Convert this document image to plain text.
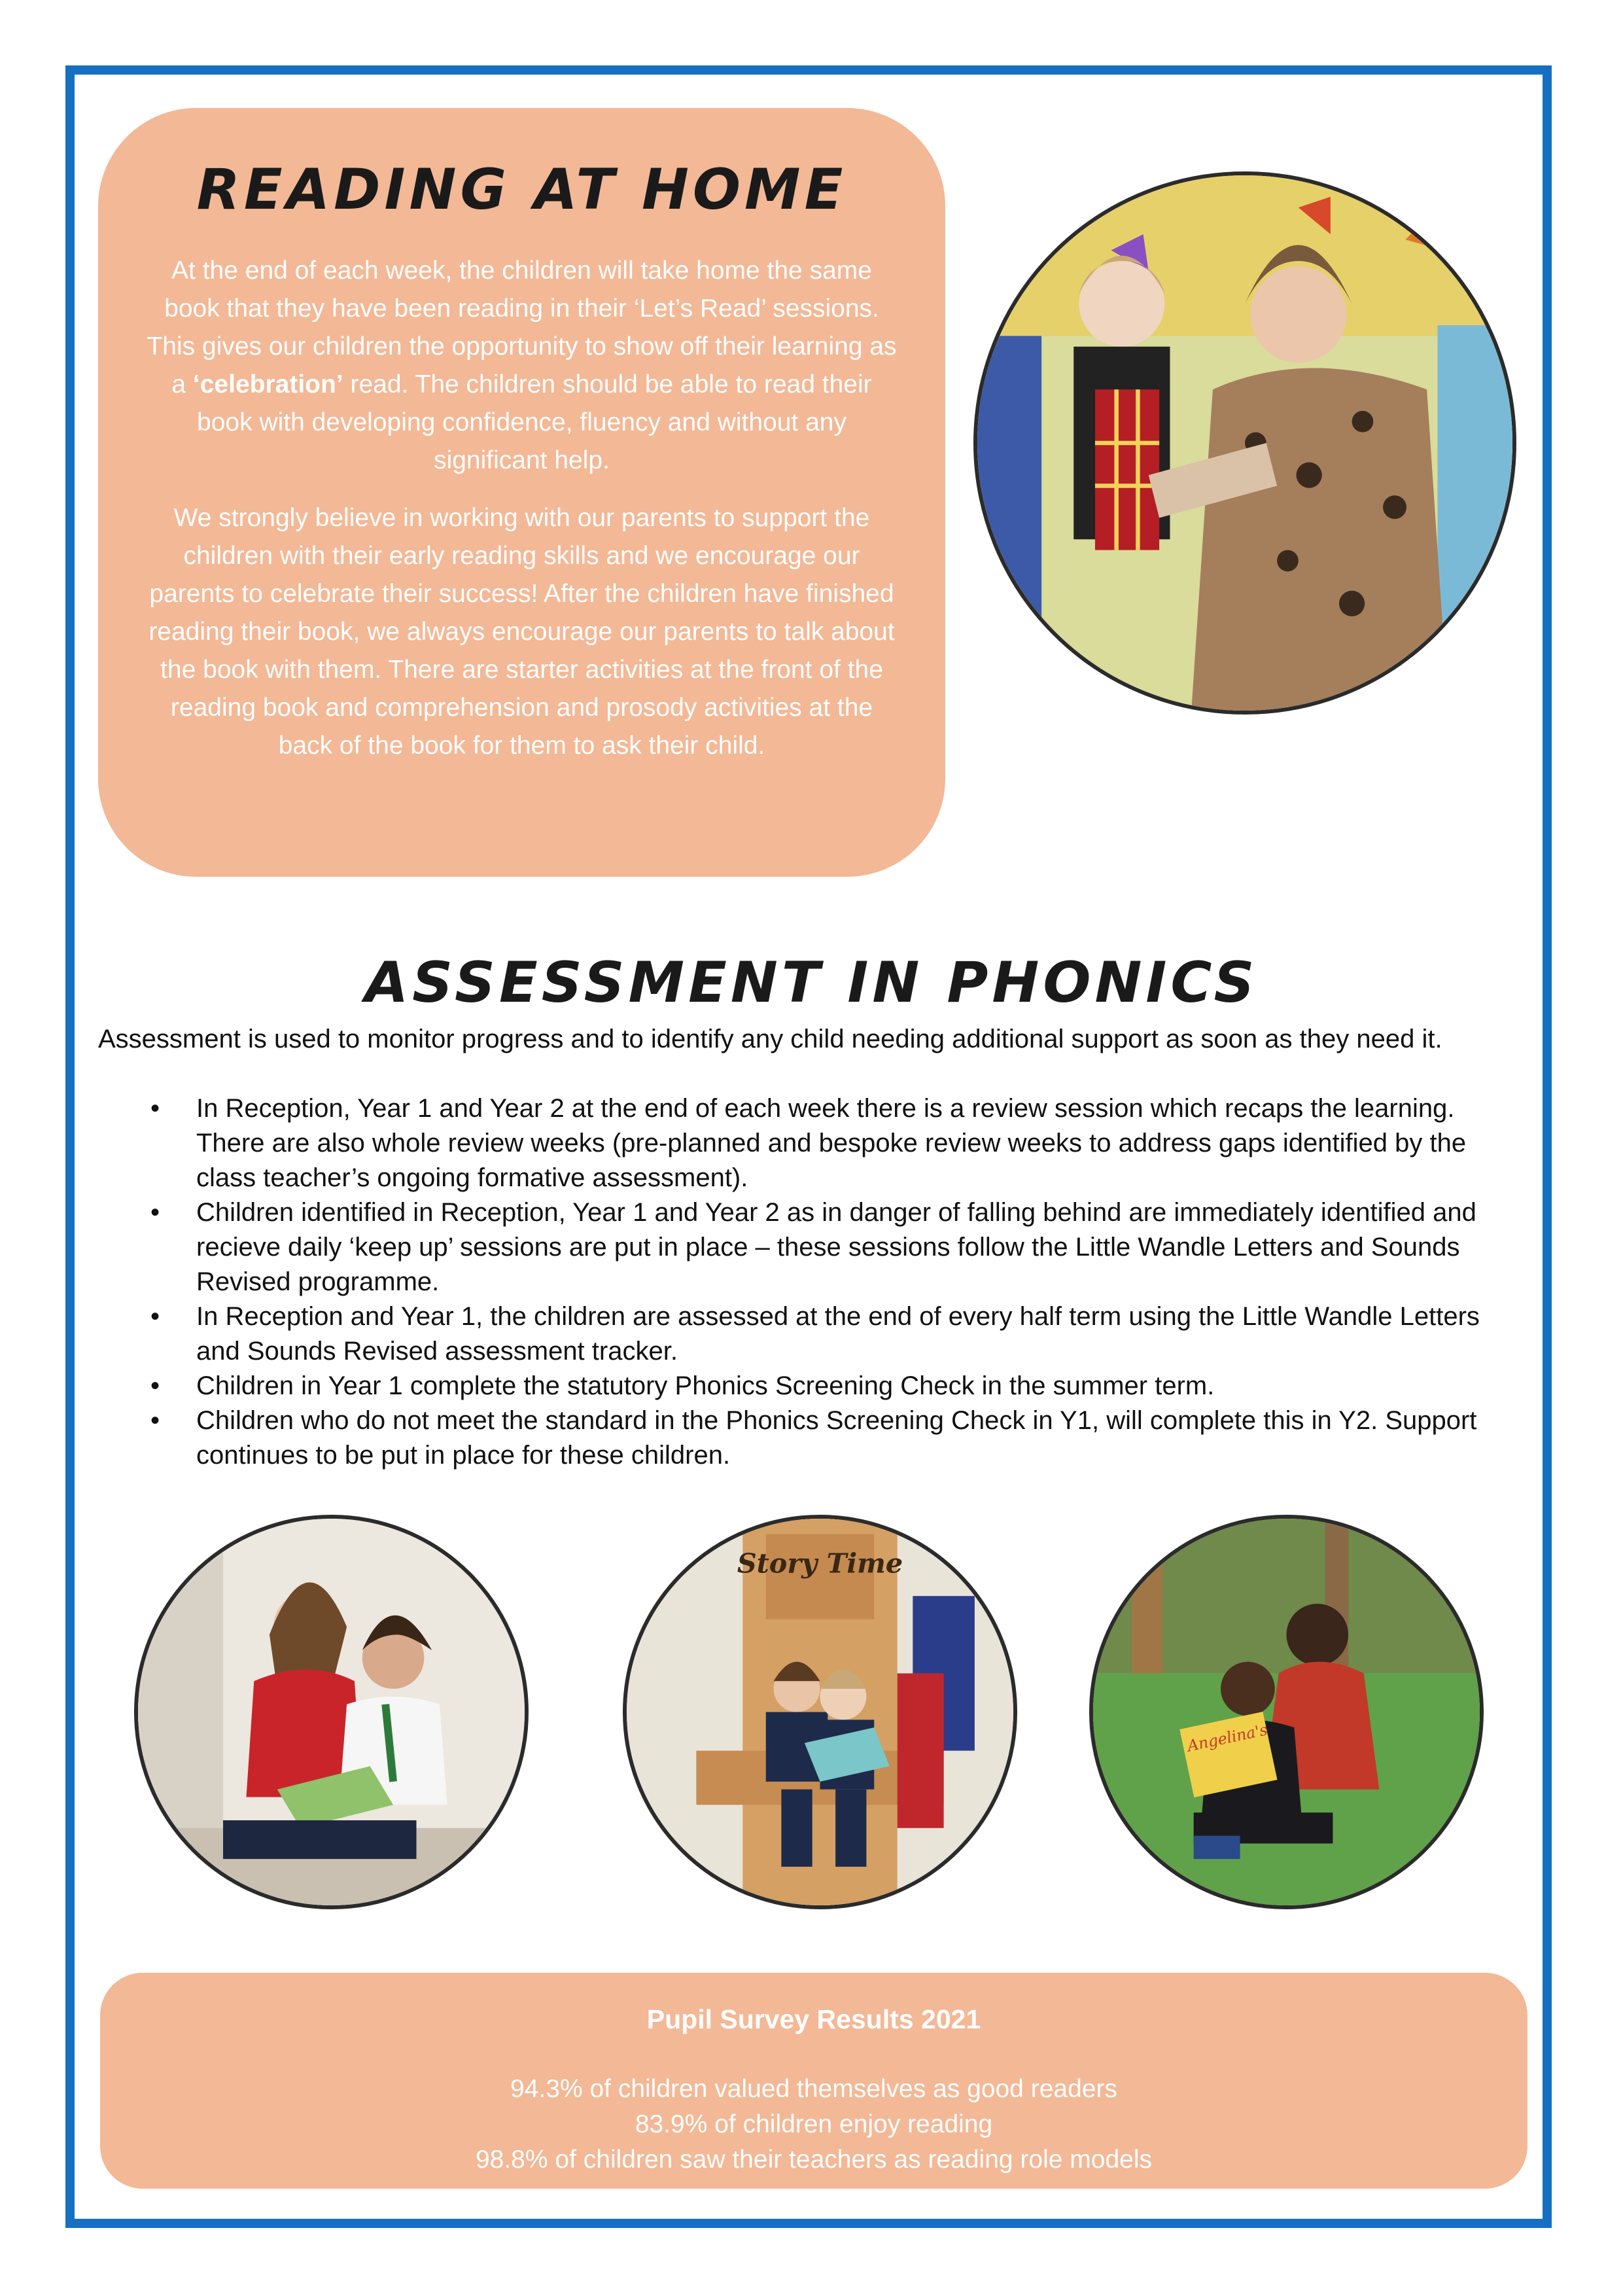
READING AT HOME

At the end of each week, the children will take home the same book that they have been reading in their ‘Let’s Read’ sessions. This gives our children the opportunity to show off their learning as a ‘celebration’ read. The children should be able to read their book with developing confidence, fluency and without any significant help.

We strongly believe in working with our parents to support the children with their early reading skills and we encourage our parents to celebrate their success! After the children have finished reading their book, we always encourage our parents to talk about the book with them. There are starter activities at the front of the reading book and comprehension and prosody activities at the back of the book for them to ask their child.

ASSESSMENT IN PHONICS

Assessment is used to monitor progress and to identify any child needing additional support as soon as they need it.

• In Reception, Year 1 and Year 2 at the end of each week there is a review session which recaps the learning. There are also whole review weeks (pre-planned and bespoke review weeks to address gaps identified by the class teacher’s ongoing formative assessment).
• Children identified in Reception, Year 1 and Year 2 as in danger of falling behind are immediately identified and recieve daily ‘keep up’ sessions are put in place – these sessions follow the Little Wandle Letters and Sounds Revised programme.
• In Reception and Year 1, the children are assessed at the end of every half term using the Little Wandle Letters and Sounds Revised assessment tracker.
• Children in Year 1 complete the statutory Phonics Screening Check in the summer term.
• Children who do not meet the standard in the Phonics Screening Check in Y1, will complete this in Y2. Support continues to be put in place for these children.
Story Time
Angelina's

Pupil Survey Results 2021

94.3% of children valued themselves as good readers

83.9% of children enjoy reading

98.8% of children saw their teachers as reading role models
